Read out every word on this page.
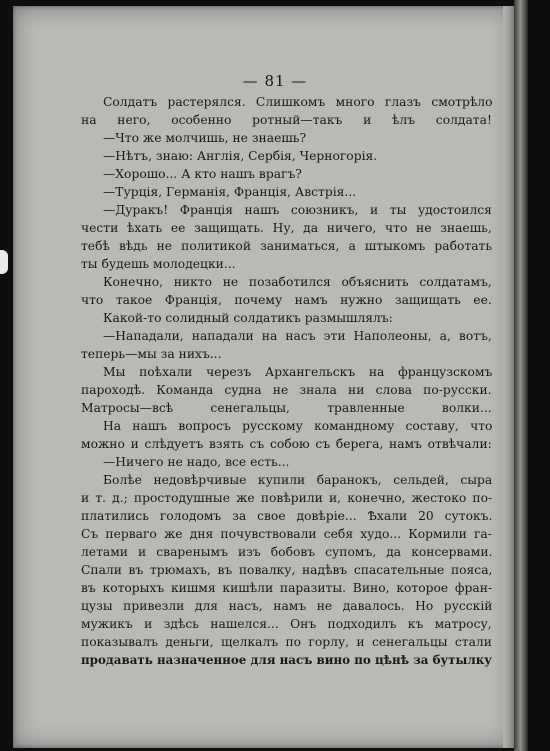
— 81 —

Солдатъ растерялся. Слишкомъ много глазъ смотрѣло

на него, особенно ротный—такъ и ѣлъ солдата!

—Что же молчишь, не знаешь?

—Нѣтъ, знаю: Англія, Сербія, Черногорія.

—Хорошо... А кто нашъ врагъ?

—Турція, Германія, Франція, Австрія...

—Дуракъ! Франція нашъ союзникъ, и ты удостоился

чести ѣхать ее защищать. Ну, да ничего, что не знаешь,

тебѣ вѣдь не политикой заниматься, а штыкомъ работать

ты будешь молодецки...

Конечно, никто не позаботился объяснить солдатамъ,

что такое Франція, почему намъ нужно защищать ее.

Какой-то солидный солдатикъ размышлялъ:

—Нападали, нападали на насъ эти Наполеоны, а, вотъ,

теперь—мы за нихъ...

Мы поѣхали черезъ Архангельскъ на французскомъ

пароходѣ. Команда судна не знала ни слова по-русски.

Матросы—всѣ сенегальцы, травленные волки...

На нашъ вопросъ русскому командному составу, что

можно и слѣдуетъ взять съ собою съ берега, намъ отвѣчали:

—Ничего не надо, все есть...

Болѣе недовѣрчивые купили баранокъ, сельдей, сыра

и т. д.; простодушные же повѣрили и, конечно, жестоко по-

платились голодомъ за свое довѣріе... Ѣхали 20 сутокъ.

Съ перваго же дня почувствовали себя худо... Кормили га-

летами и сваренымъ изъ бобовъ супомъ, да консервами.

Спали въ трюмахъ, въ повалку, надѣвъ спасательные пояса,

въ которыхъ кишмя кишѣли паразиты. Вино, которое фран-

цузы привезли для насъ, намъ не давалось. Но русскій

мужикъ и здѣсь нашелся... Онъ подходилъ къ матросу,

показывалъ деньги, щелкалъ по горлу, и сенегальцы стали

продавать назначенное для насъ вино по цѣнѣ за бутылку
